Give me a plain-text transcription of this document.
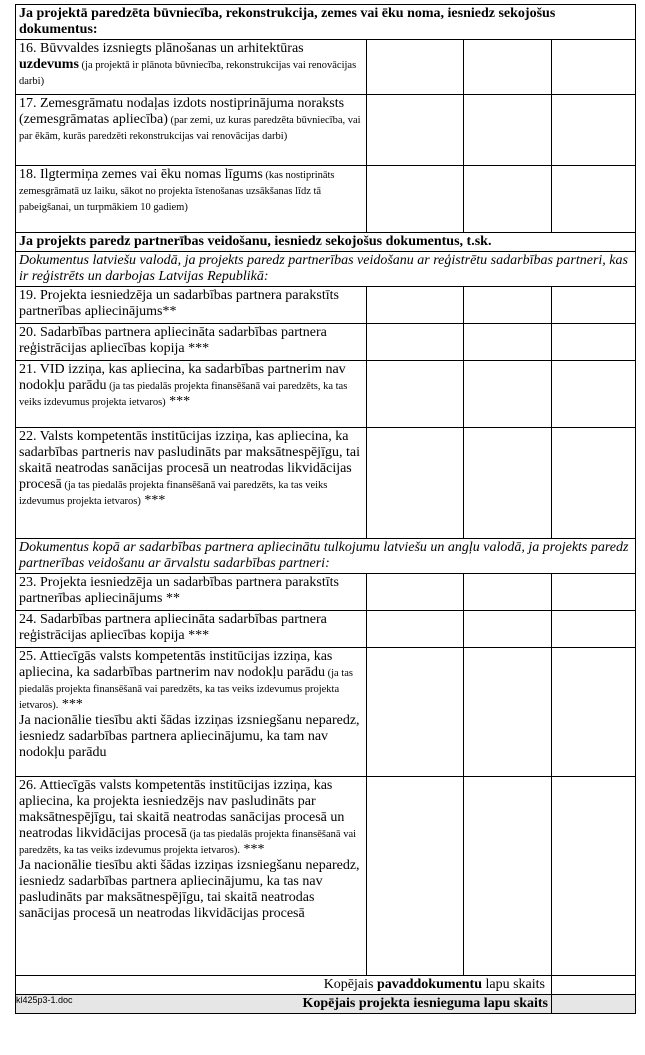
Ja projektā paredzēta būvniecība, rekonstrukcija, zemes vai ēku noma, iesniedz sekojošus dokumentus:			
16. Būvvaldes izsniegts plānošanas un arhitektūras uzdevums (ja projektā ir plānota būvniecība, rekonstrukcijas vai renovācijas darbi)			
17. Zemesgrāmatu nodaļas izdots nostiprinājuma noraksts (zemesgrāmatas apliecība) (par zemi, uz kuras paredzēta būvniecība, vai par ēkām, kurās paredzēti rekonstrukcijas vai renovācijas darbi)			
18. Ilgtermiņa zemes vai ēku nomas līgums (kas nostiprināts zemesgrāmatā uz laiku, sākot no projekta īstenošanas uzsākšanas līdz tā pabeigšanai, un turpmākiem 10 gadiem)			
Ja projekts paredz partnerības veidošanu, iesniedz sekojošus dokumentus, t.sk.			
Dokumentus latviešu valodā, ja projekts paredz partnerības veidošanu ar reģistrētu sadarbības partneri, kas ir reģistrēts un darbojas Latvijas Republikā:			
19. Projekta iesniedzēja un sadarbības partnera parakstīts partnerības apliecinājums**			
20. Sadarbības partnera apliecināta sadarbības partnera reģistrācijas apliecības kopija ***			
21. VID izziņa, kas apliecina, ka sadarbības partnerim nav nodokļu parādu (ja tas piedalās projekta finansēšanā vai paredzēts, ka tas veiks izdevumus projekta ietvaros) ***			
22. Valsts kompetentās institūcijas izziņa, kas apliecina, ka sadarbības partneris nav pasludināts par maksātnespējīgu, tai skaitā neatrodas sanācijas procesā un neatrodas likvidācijas procesā (ja tas piedalās projekta finansēšanā vai paredzēts, ka tas veiks izdevumus projekta ietvaros) ***			
Dokumentus kopā ar sadarbības partnera apliecinātu tulkojumu latviešu un angļu valodā, ja projekts paredz partnerības veidošanu ar ārvalstu sadarbības partneri:			
23. Projekta iesniedzēja un sadarbības partnera parakstīts partnerības apliecinājums **			
24. Sadarbības partnera apliecināta sadarbības partnera reģistrācijas apliecības kopija ***			
25. Attiecīgās valsts kompetentās institūcijas izziņa, kas apliecina, ka sadarbības partnerim nav nodokļu parādu (ja tas piedalās projekta finansēšanā vai paredzēts, ka tas veiks izdevumus projekta ietvaros). ***
Ja nacionālie tiesību akti šādas izziņas izsniegšanu neparedz, iesniedz sadarbības partnera apliecinājumu, ka tam nav nodokļu parādu			
26. Attiecīgās valsts kompetentās institūcijas izziņa, kas apliecina, ka projekta iesniedzējs nav pasludināts par maksātnespējīgu, tai skaitā neatrodas sanācijas procesā un neatrodas likvidācijas procesā (ja tas piedalās projekta finansēšanā vai paredzēts, ka tas veiks izdevumus projekta ietvaros). ***
Ja nacionālie tiesību akti šādas izziņas izsniegšanu neparedz, iesniedz sadarbības partnera apliecinājumu, ka tas nav pasludināts par maksātnespējīgu, tai skaitā neatrodas sanācijas procesā un neatrodas likvidācijas procesā			
Kopējais pavaddokumentu lapu skaits			
Kopējais projekta iesnieguma lapu skaits			
kl425p3-1.doc
